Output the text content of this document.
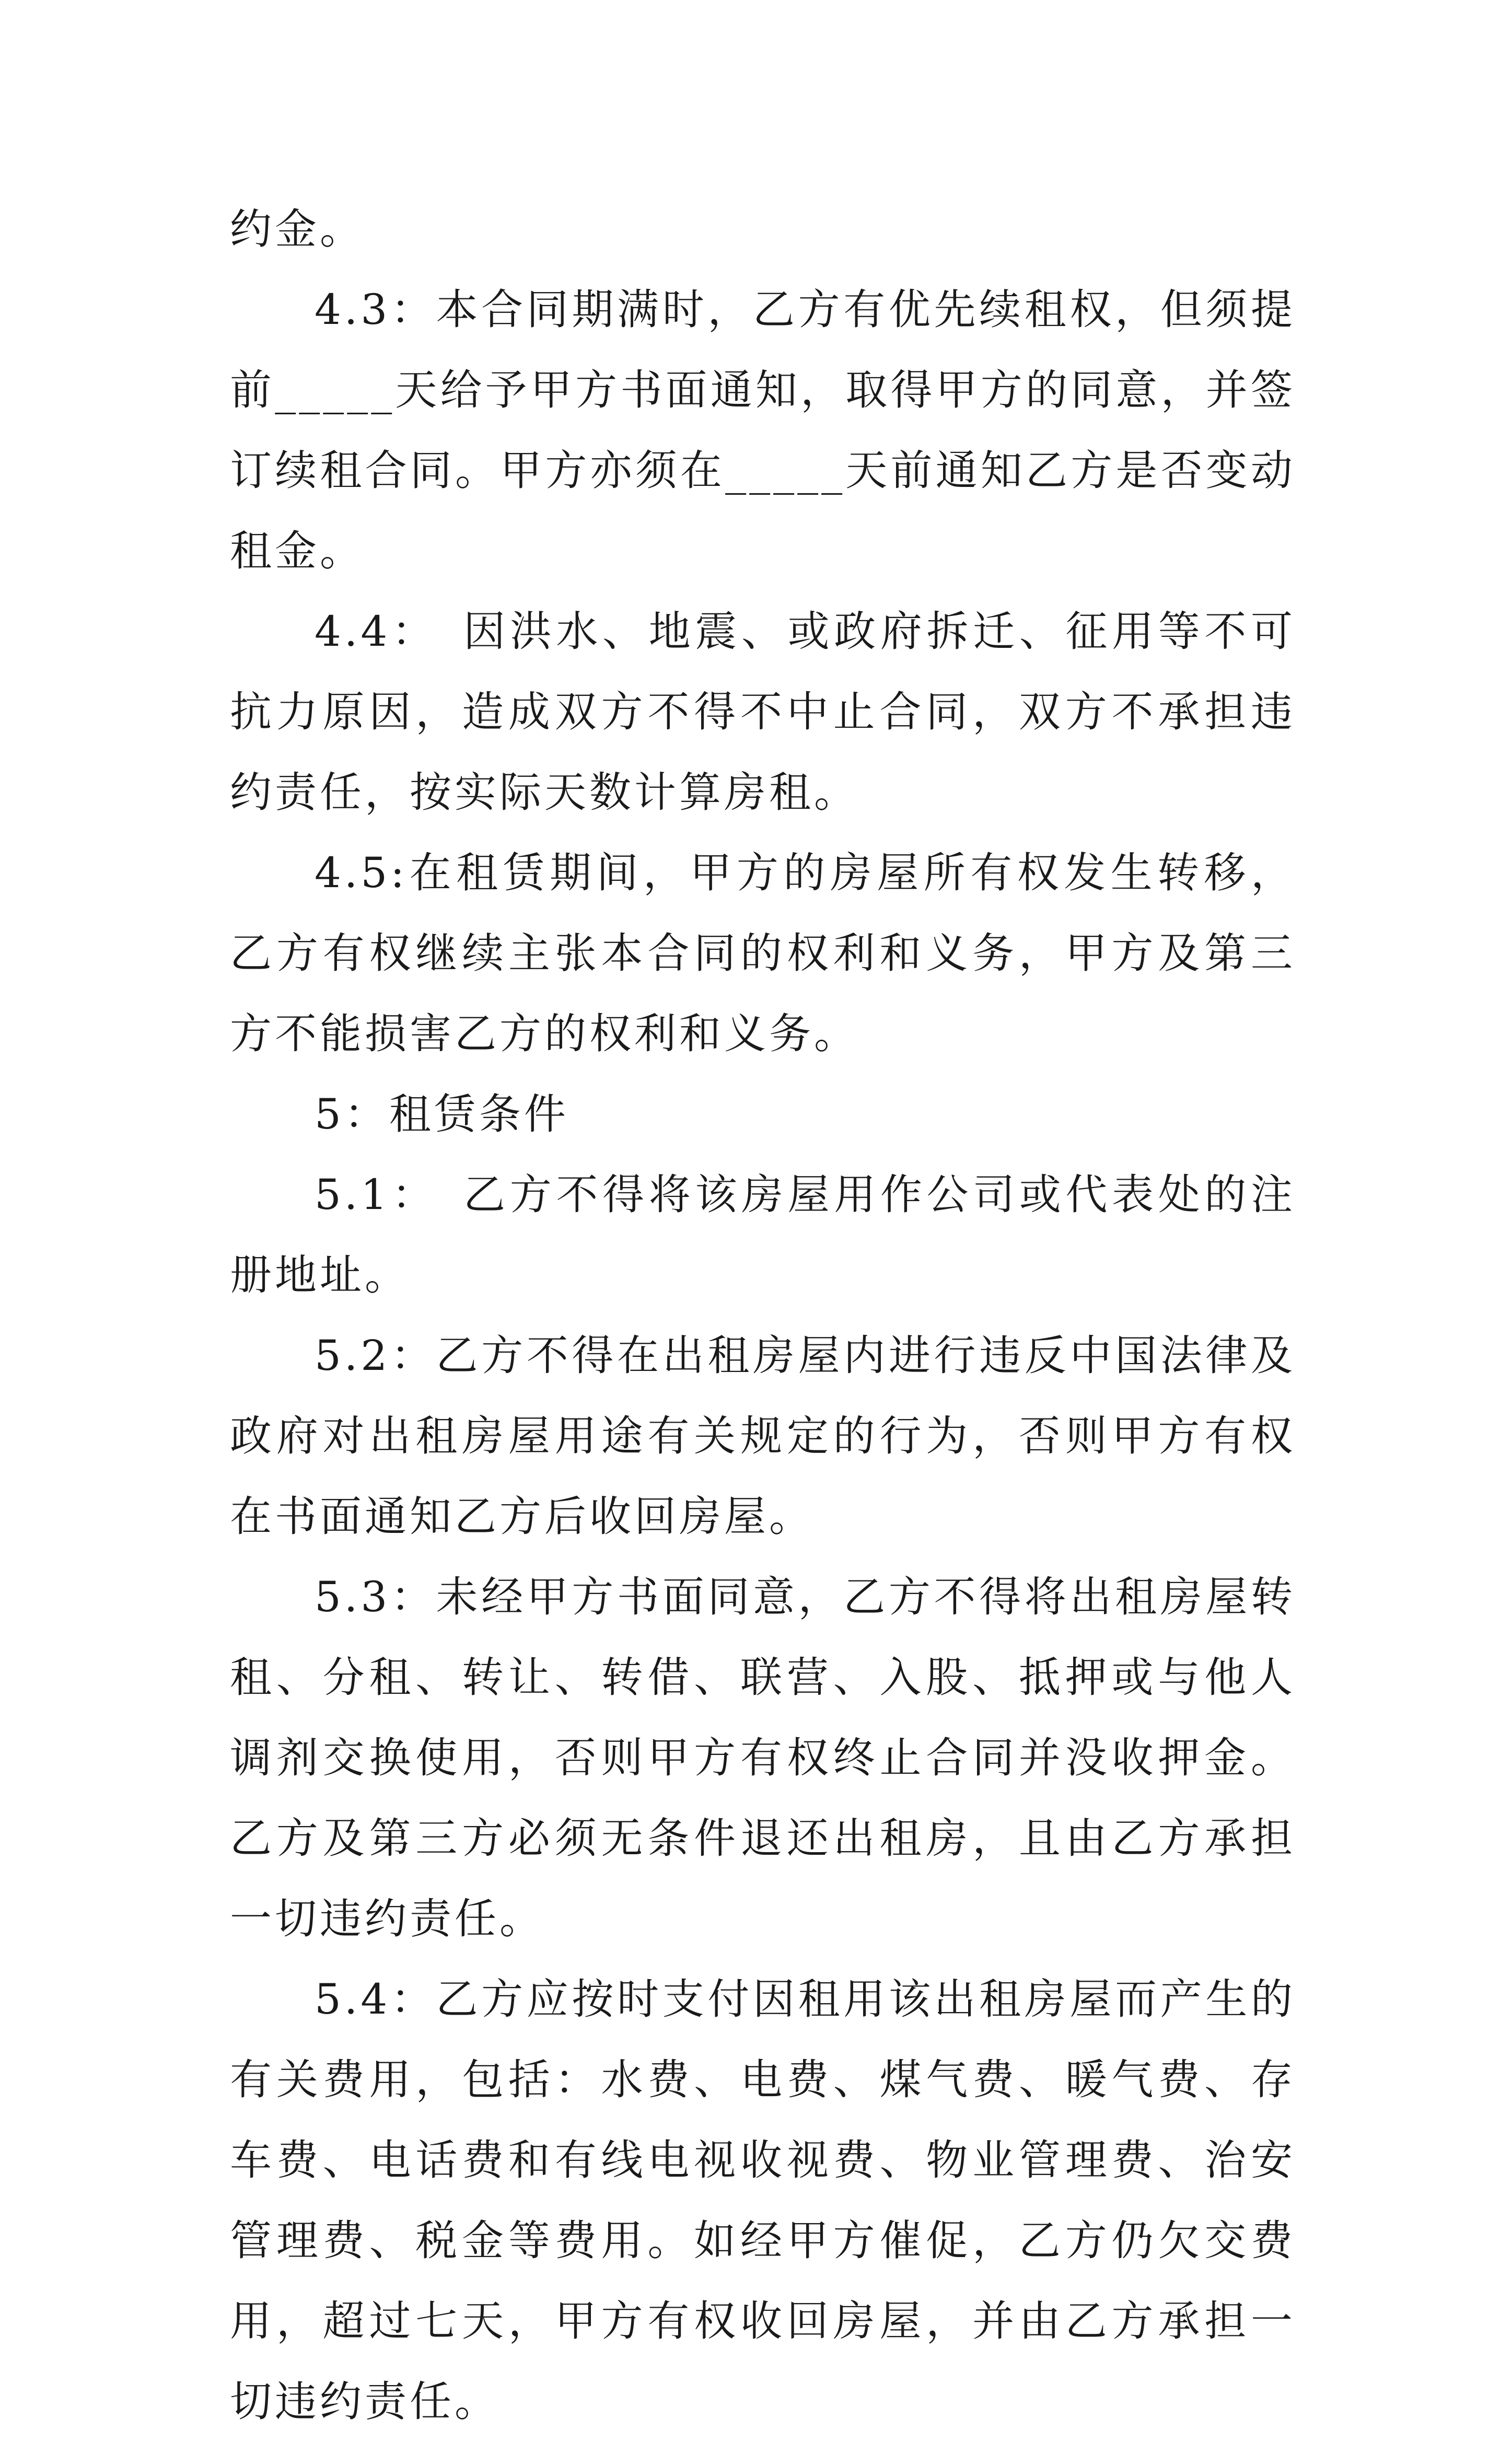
约金。

4.3：本合同期满时，乙方有优先续租权，但须提前_____天给予甲方书面通知，取得甲方的同意，并签订续租合同。甲方亦须在_____天前通知乙方是否变动租金。

4.4：　因洪水、地震、或政府拆迁、征用等不可抗力原因，造成双方不得不中止合同，双方不承担违约责任，按实际天数计算房租。

4.5:在租赁期间，甲方的房屋所有权发生转移，乙方有权继续主张本合同的权利和义务，甲方及第三方不能损害乙方的权利和义务。

5：租赁条件

5.1：　乙方不得将该房屋用作公司或代表处的注册地址。

5.2：乙方不得在出租房屋内进行违反中国法律及政府对出租房屋用途有关规定的行为，否则甲方有权在书面通知乙方后收回房屋。

5.3：未经甲方书面同意，乙方不得将出租房屋转租、分租、转让、转借、联营、入股、抵押或与他人调剂交换使用，否则甲方有权终止合同并没收押金。乙方及第三方必须无条件退还出租房，且由乙方承担一切违约责任。

5.4：乙方应按时支付因租用该出租房屋而产生的有关费用，包括：水费、电费、煤气费、暖气费、存车费、电话费和有线电视收视费、物业管理费、治安管理费、税金等费用。如经甲方催促，乙方仍欠交费用，超过七天，甲方有权收回房屋，并由乙方承担一切违约责任。
